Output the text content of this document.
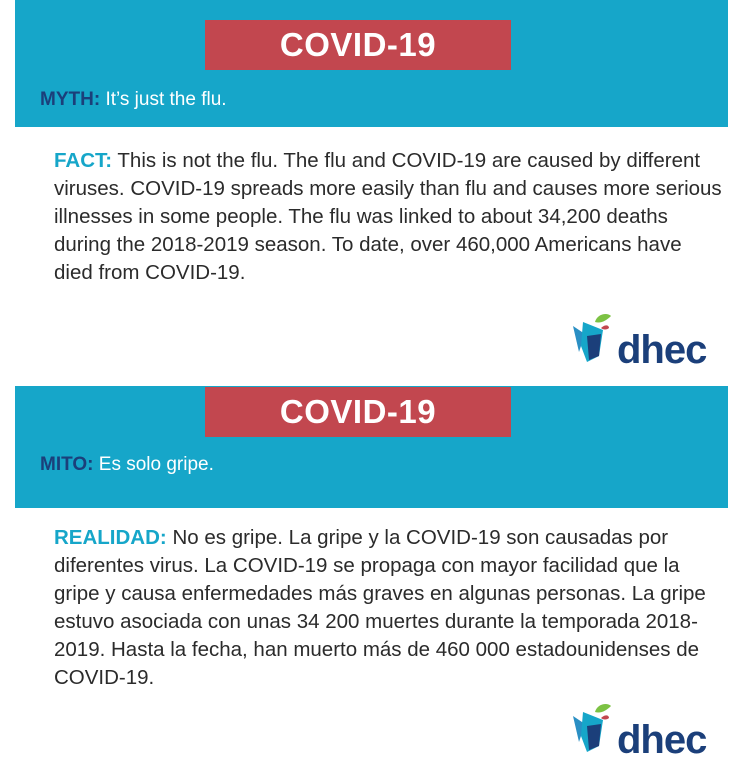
COVID-19
MYTH: It’s just the flu.
FACT: This is not the flu. The flu and COVID-19 are caused by different viruses. COVID-19 spreads more easily than flu and causes more serious illnesses in some people. The flu was linked to about 34,200 deaths during the 2018-2019 season. To date, over 460,000 Americans have died from COVID-19.
dhec
COVID-19
MITO: Es solo gripe.
REALIDAD: No es gripe. La gripe y la COVID-19 son causadas por diferentes virus. La COVID-19 se propaga con mayor facilidad que la gripe y causa enfermedades más graves en algunas personas. La gripe estuvo asociada con unas 34 200 muertes durante la temporada 2018-2019. Hasta la fecha, han muerto más de 460 000 estadounidenses de COVID-19.
dhec
